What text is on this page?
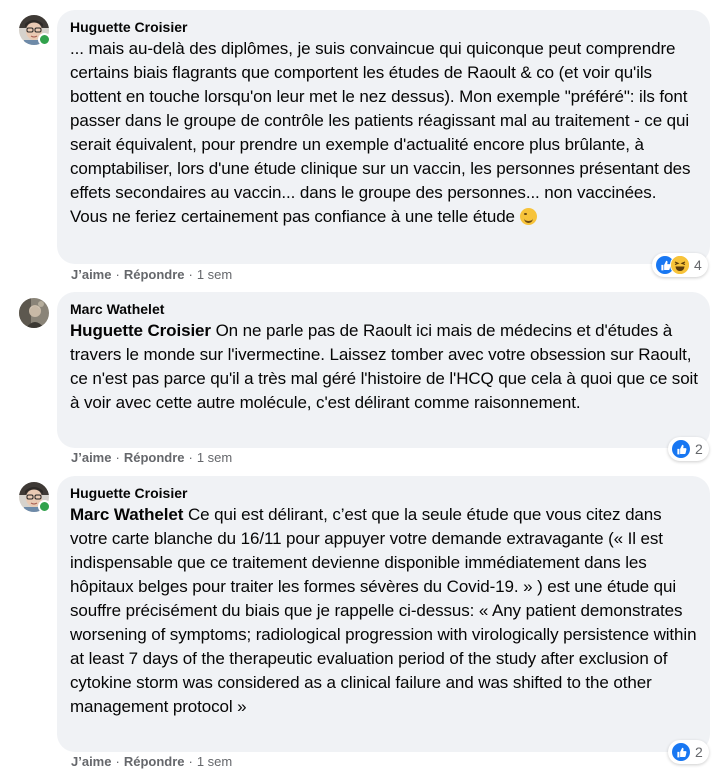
Huguette Croisier
... mais au-delà des diplômes, je suis convaincue qui quiconque peut comprendre certains biais flagrants que comportent les études de Raoult & co (et voir qu'ils bottent en touche lorsqu'on leur met le nez dessus). Mon exemple "préféré": ils font passer dans le groupe de contrôle les patients réagissant mal au traitement - ce qui serait équivalent, pour prendre un exemple d'actualité encore plus brûlante, à comptabiliser, lors d'une étude clinique sur un vaccin, les personnes présentant des effets secondaires au vaccin... dans le groupe des personnes... non vaccinées. Vous ne feriez certainement pas confiance à une telle étude
4
J’aime · Répondre · 1 sem
Marc Wathelet
Huguette Croisier On ne parle pas de Raoult ici mais de médecins et d'études à travers le monde sur l'ivermectine. Laissez tomber avec votre obsession sur Raoult, ce n'est pas parce qu'il a très mal géré l'histoire de l'HCQ que cela à quoi que ce soit à voir avec cette autre molécule, c'est délirant comme raisonnement.
2
J’aime · Répondre · 1 sem
Huguette Croisier
Marc Wathelet Ce qui est délirant, c’est que la seule étude que vous citez dans votre carte blanche du 16/11 pour appuyer votre demande extravagante (« Il est indispensable que ce traitement devienne disponible immédiatement dans les hôpitaux belges pour traiter les formes sévères du Covid-19. » ) est une étude qui souffre précisément du biais que je rappelle ci-dessus: « Any patient demonstrates worsening of symptoms; radiological progression with virologically persistence within at least 7 days of the therapeutic evaluation period of the study after exclusion of cytokine storm was considered as a clinical failure and was shifted to the other management protocol »
2
J’aime · Répondre · 1 sem
